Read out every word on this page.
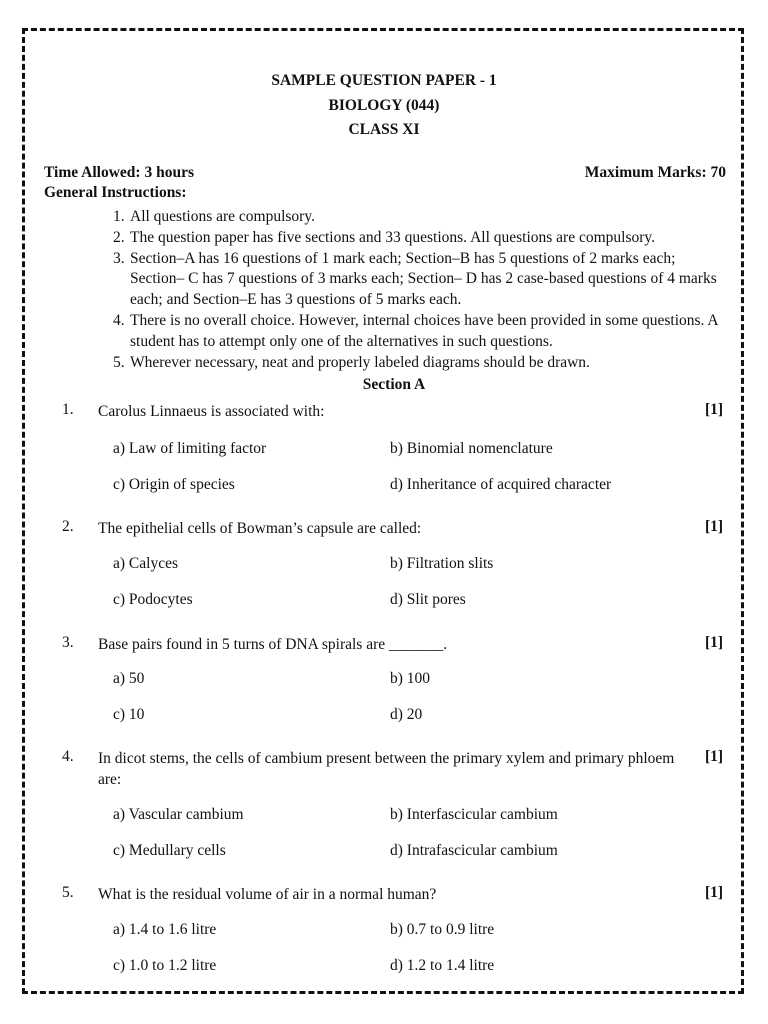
SAMPLE QUESTION PAPER - 1
BIOLOGY (044)
CLASS XI
Time Allowed: 3 hours	Maximum Marks: 70
General Instructions:
1. All questions are compulsory.
2. The question paper has five sections and 33 questions. All questions are compulsory.
3. Section–A has 16 questions of 1 mark each; Section–B has 5 questions of 2 marks each; Section– C has 7 questions of 3 marks each; Section– D has 2 case-based questions of 4 marks each; and Section–E has 3 questions of 5 marks each.
4. There is no overall choice. However, internal choices have been provided in some questions. A student has to attempt only one of the alternatives in such questions.
5. Wherever necessary, neat and properly labeled diagrams should be drawn.
Section A
1. Carolus Linnaeus is associated with:	[1]
a) Law of limiting factor	b) Binomial nomenclature
c) Origin of species	d) Inheritance of acquired character
2. The epithelial cells of Bowman’s capsule are called:	[1]
a) Calyces	b) Filtration slits
c) Podocytes	d) Slit pores
3. Base pairs found in 5 turns of DNA spirals are _______.	[1]
a) 50	b) 100
c) 10	d) 20
4. In dicot stems, the cells of cambium present between the primary xylem and primary phloem are:
[1]
a) Vascular cambium	b) Interfascicular cambium
c) Medullary cells	d) Intrafascicular cambium
5. What is the residual volume of air in a normal human?	[1]
a) 1.4 to 1.6 litre	b) 0.7 to 0.9 litre
c) 1.0 to 1.2 litre	d) 1.2 to 1.4 litre
